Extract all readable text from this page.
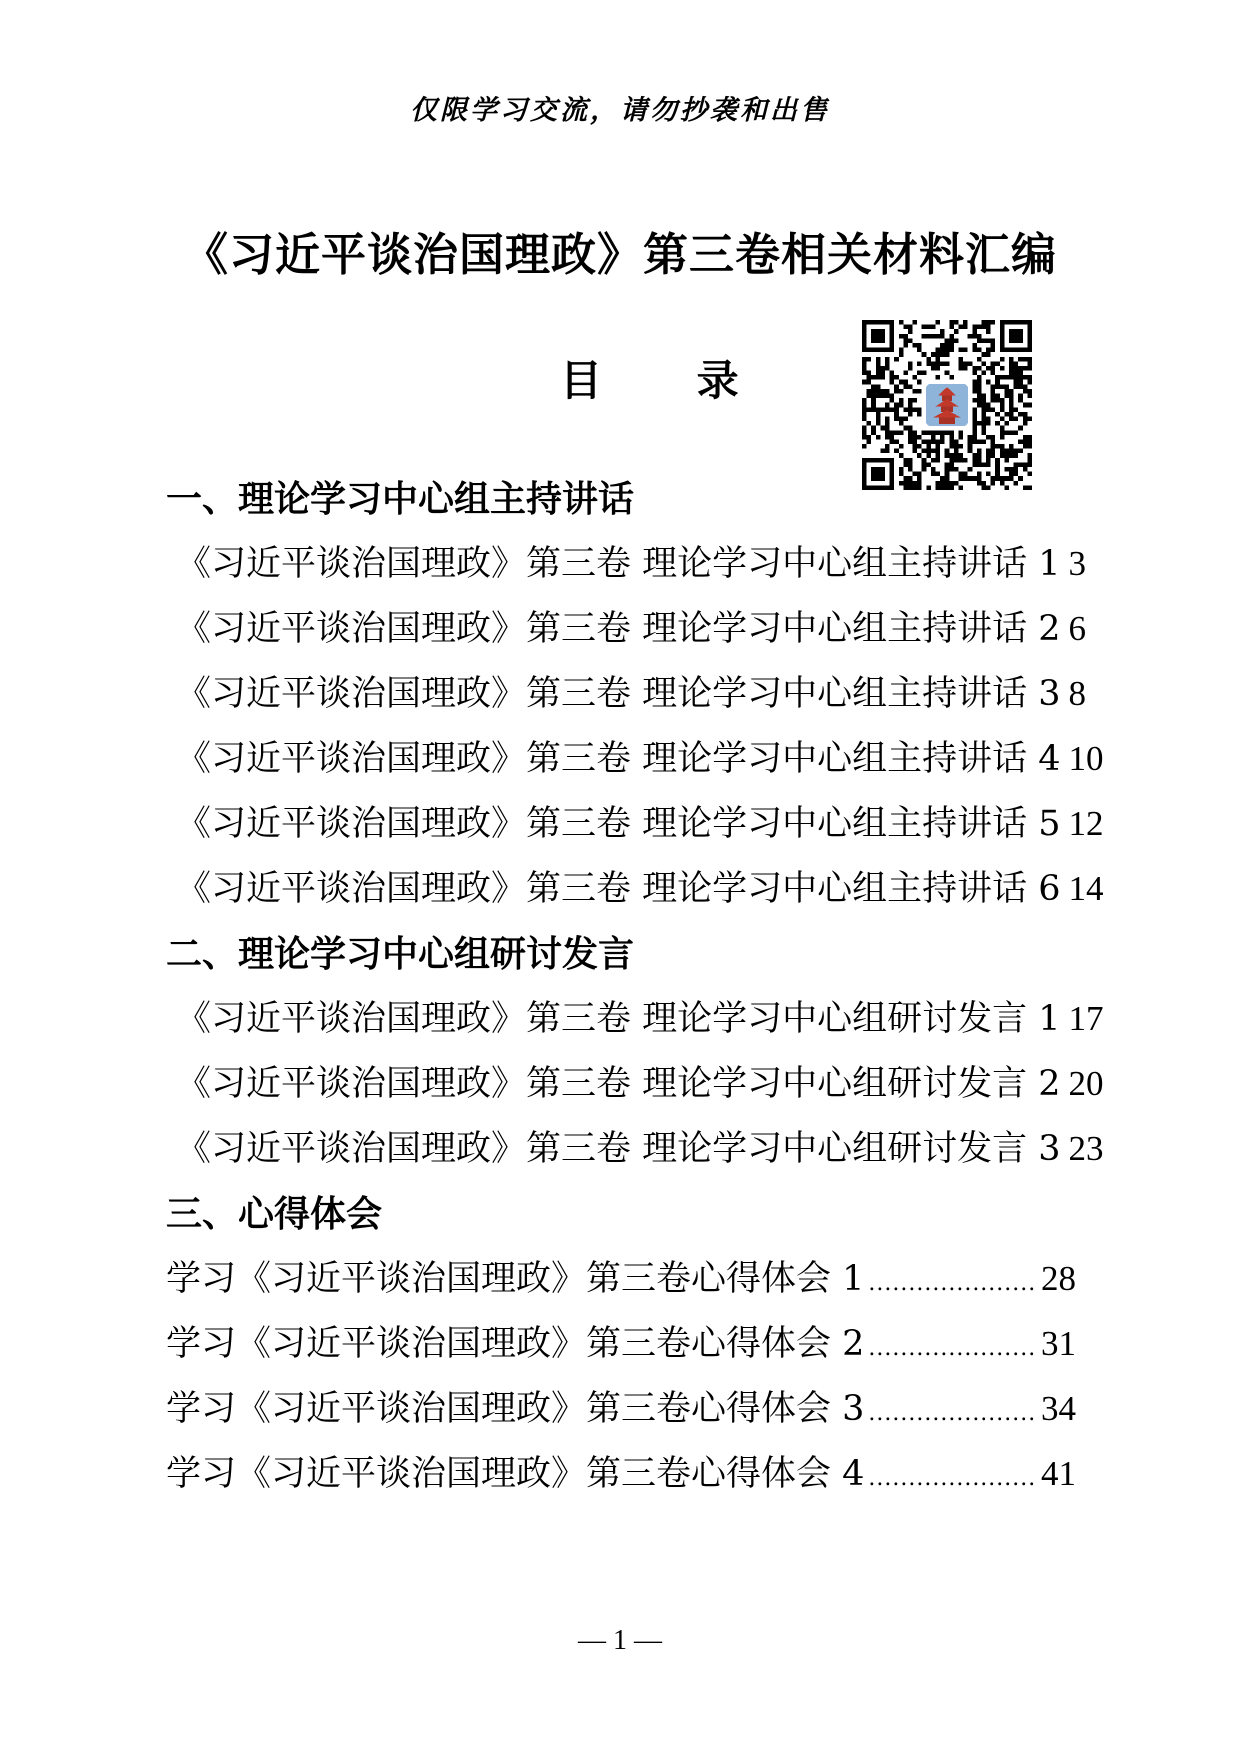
仅限学习交流，请勿抄袭和出售
《习近平谈治国理政》第三卷相关材料汇编
目 录
一、理论学习中心组主持讲话
《习近平谈治国理政》第三卷 理论学习中心组主持讲话 1 3
《习近平谈治国理政》第三卷 理论学习中心组主持讲话 2 6
《习近平谈治国理政》第三卷 理论学习中心组主持讲话 3 8
《习近平谈治国理政》第三卷 理论学习中心组主持讲话 4 10
《习近平谈治国理政》第三卷 理论学习中心组主持讲话 5 12
《习近平谈治国理政》第三卷 理论学习中心组主持讲话 6 14
二、理论学习中心组研讨发言
《习近平谈治国理政》第三卷 理论学习中心组研讨发言 1 17
《习近平谈治国理政》第三卷 理论学习中心组研讨发言 2 20
《习近平谈治国理政》第三卷 理论学习中心组研讨发言 3 23
三、心得体会
学习《习近平谈治国理政》第三卷心得体会 1 .....	28
学习《习近平谈治国理政》第三卷心得体会 2 .....	31
学习《习近平谈治国理政》第三卷心得体会 3 .....	34
学习《习近平谈治国理政》第三卷心得体会 4 .....	41
— 1 —
